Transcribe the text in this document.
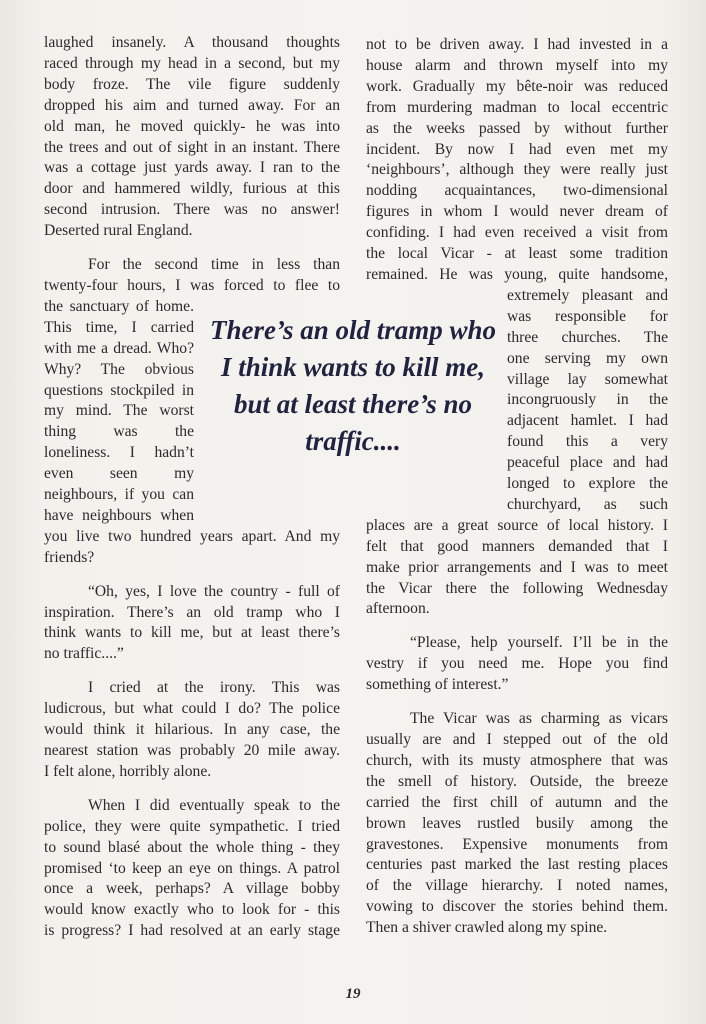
laughed insanely. A thousand thoughts
raced through my head in a second, but my
body froze. The vile figure suddenly
dropped his aim and turned away. For an
old man, he moved quickly- he was into
the trees and out of sight in an instant. There
was a cottage just yards away. I ran to the
door and hammered wildly, furious at this
second intrusion. There was no answer!
Deserted rural England.
For the second time in less than
twenty-four hours, I was forced to flee to
the sanctuary of home.
This time, I carried
with me a dread. Who?
Why? The obvious
questions stockpiled in
my mind. The worst
thing was the
loneliness. I hadn’t
even seen my
neighbours, if you can
have neighbours when
you live two hundred years apart. And my
friends?
“Oh, yes, I love the country - full of
inspiration. There’s an old tramp who I
think wants to kill me, but at least there’s
no traffic....”
I cried at the irony. This was
ludicrous, but what could I do? The police
would think it hilarious. In any case, the
nearest station was probably 20 mile away.
I felt alone, horribly alone.
When I did eventually speak to the
police, they were quite sympathetic. I tried
to sound blasé about the whole thing - they
promised ‘to keep an eye on things. A patrol
once a week, perhaps? A village bobby
would know exactly who to look for - this
is progress? I had resolved at an early stage
not to be driven away. I had invested in a
house alarm and thrown myself into my
work. Gradually my bête-noir was reduced
from murdering madman to local eccentric
as the weeks passed by without further
incident. By now I had even met my
‘neighbours’, although they were really just
nodding acquaintances, two-dimensional
figures in whom I would never dream of
confiding. I had even received a visit from
the local Vicar - at least some tradition
remained. He was young, quite handsome,
extremely pleasant and
was responsible for
three churches. The
one serving my own
village lay somewhat
incongruously in the
adjacent hamlet. I had
found this a very
peaceful place and had
longed to explore the
churchyard, as such
places are a great source of local history. I
felt that good manners demanded that I
make prior arrangements and I was to meet
the Vicar there the following Wednesday
afternoon.
“Please, help yourself. I’ll be in the
vestry if you need me. Hope you find
something of interest.”
The Vicar was as charming as vicars
usually are and I stepped out of the old
church, with its musty atmosphere that was
the smell of history. Outside, the breeze
carried the first chill of autumn and the
brown leaves rustled busily among the
gravestones. Expensive monuments from
centuries past marked the last resting places
of the village hierarchy. I noted names,
vowing to discover the stories behind them.
Then a shiver crawled along my spine.
There’s an old tramp who I think wants to kill me, but at least there’s no traffic....
19
